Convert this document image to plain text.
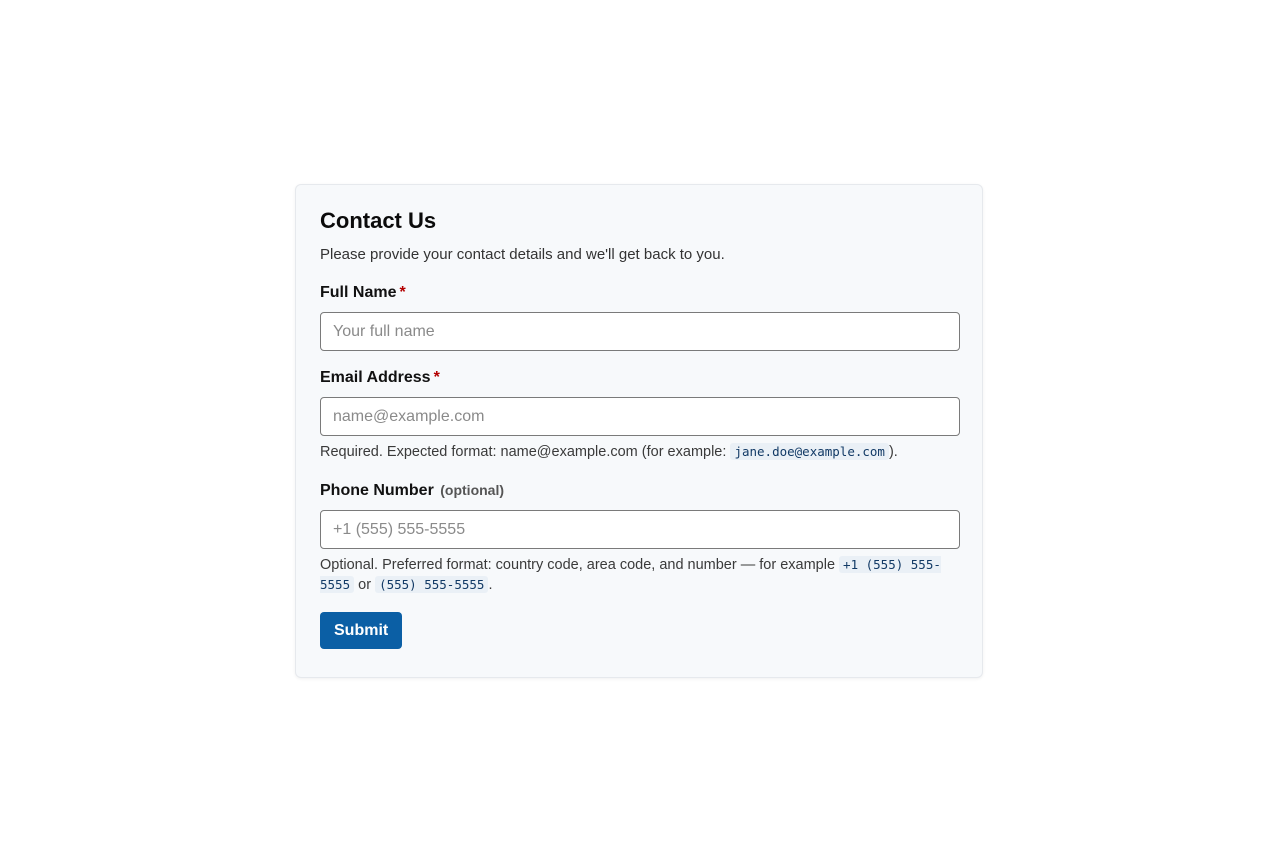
Contact Us

Please provide your contact details and we'll get back to you.

Full Name *
Your full name
Email Address *
name@example.com
Required. Expected format: name@example.com (for example: jane.doe@example.com ).
Phone Number (optional)
+1 (555) 555-5555
Optional. Preferred format: country code, area code, and number — for example +1 (555) 555-5555 or (555) 555-5555 .
Submit
